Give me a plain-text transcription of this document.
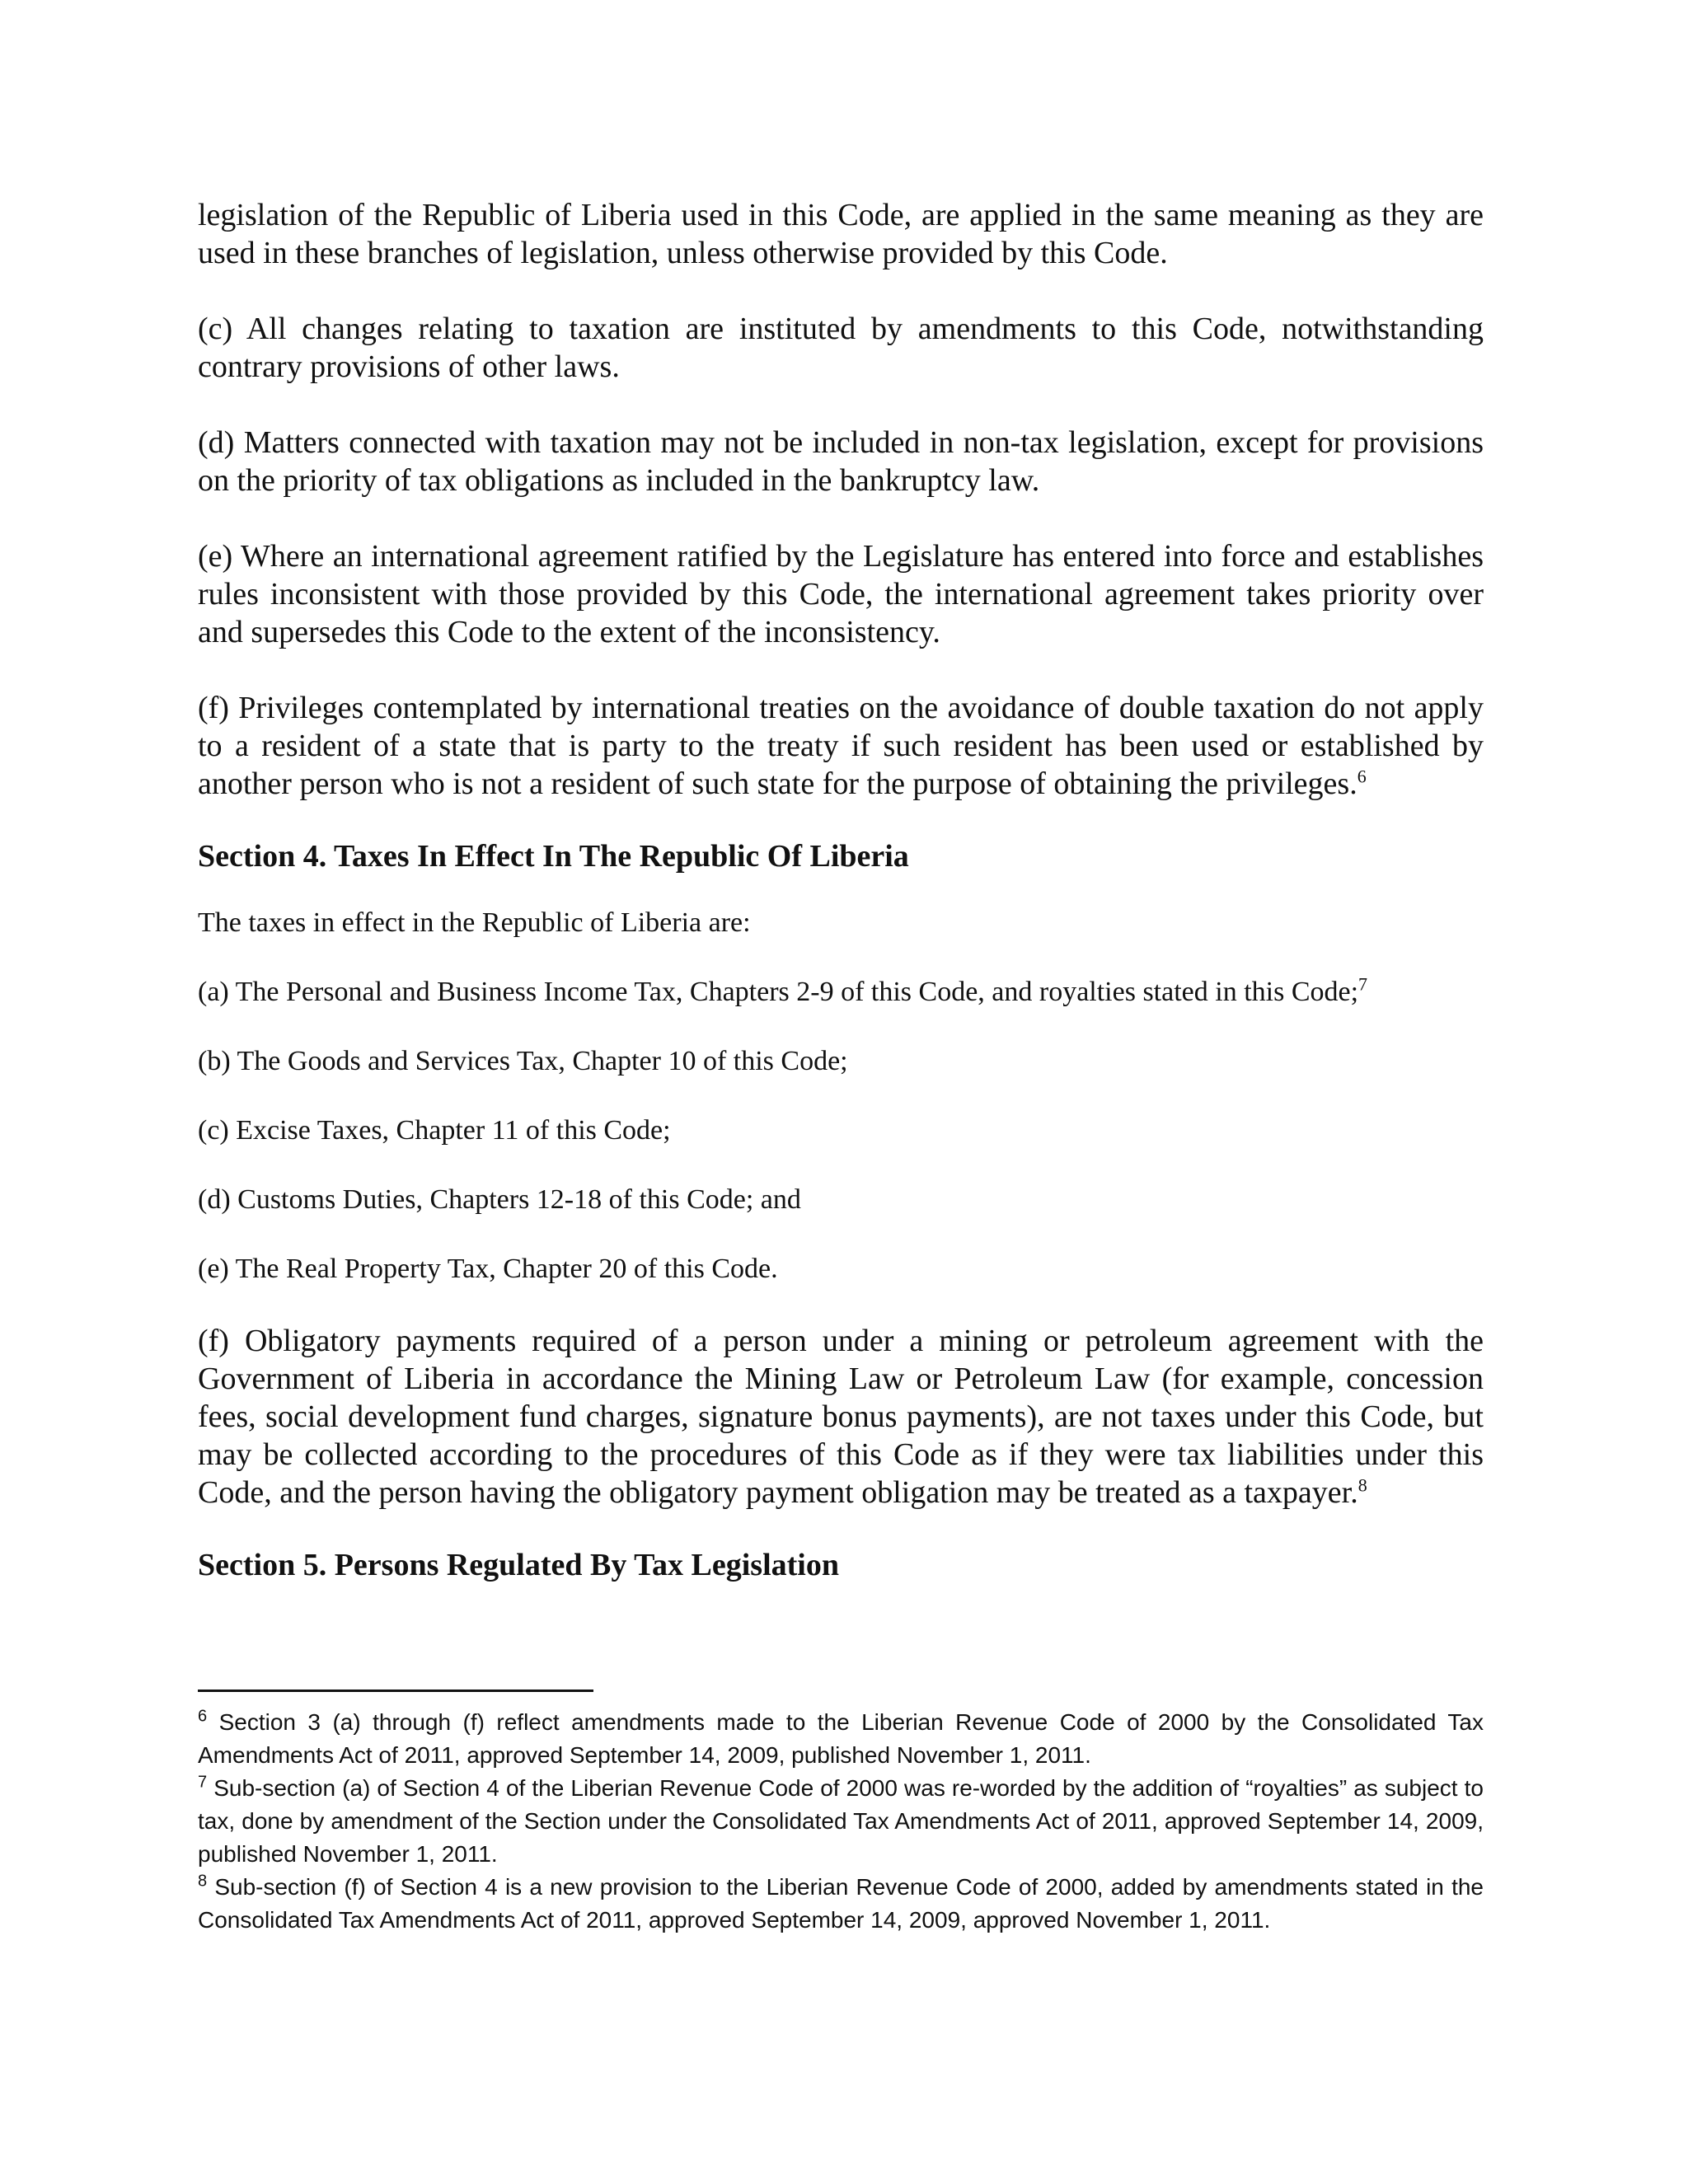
legislation of the Republic of Liberia used in this Code, are applied in the same meaning as they are used in these branches of legislation, unless otherwise provided by this Code.

(c) All changes relating to taxation are instituted by amendments to this Code, notwithstanding contrary provisions of other laws.

(d) Matters connected with taxation may not be included in non-tax legislation, except for provisions on the priority of tax obligations as included in the bankruptcy law.

(e) Where an international agreement ratified by the Legislature has entered into force and establishes rules inconsistent with those provided by this Code, the international agreement takes priority over and supersedes this Code to the extent of the inconsistency.

(f) Privileges contemplated by international treaties on the avoidance of double taxation do not apply to a resident of a state that is party to the treaty if such resident has been used or established by another person who is not a resident of such state for the purpose of obtaining the privileges.$^6$

Section 4. Taxes In Effect In The Republic Of Liberia
The taxes in effect in the Republic of Liberia are:
(a) The Personal and Business Income Tax, Chapters 2-9 of this Code, and royalties stated in this Code;$^7$
(b) The Goods and Services Tax, Chapter 10 of this Code;
(c) Excise Taxes, Chapter 11 of this Code;
(d) Customs Duties, Chapters 12-18 of this Code; and
(e) The Real Property Tax, Chapter 20 of this Code.

(f) Obligatory payments required of a person under a mining or petroleum agreement with the Government of Liberia in accordance the Mining Law or Petroleum Law (for example, concession fees, social development fund charges, signature bonus payments), are not taxes under this Code, but may be collected according to the procedures of this Code as if they were tax liabilities under this Code, and the person having the obligatory payment obligation may be treated as a taxpayer.$^8$

Section 5. Persons Regulated By Tax Legislation

$^6$ Section 3 (a) through (f) reflect amendments made to the Liberian Revenue Code of 2000 by the Consolidated Tax Amendments Act of 2011, approved September 14, 2009, published November 1, 2011.

$^7$ Sub-section (a) of Section 4 of the Liberian Revenue Code of 2000 was re-worded by the addition of “royalties” as subject to tax, done by amendment of the Section under the Consolidated Tax Amendments Act of 2011, approved September 14, 2009, published November 1, 2011.

$^8$ Sub-section (f) of Section 4 is a new provision to the Liberian Revenue Code of 2000, added by amendments stated in the Consolidated Tax Amendments Act of 2011, approved September 14, 2009, approved November 1, 2011.
